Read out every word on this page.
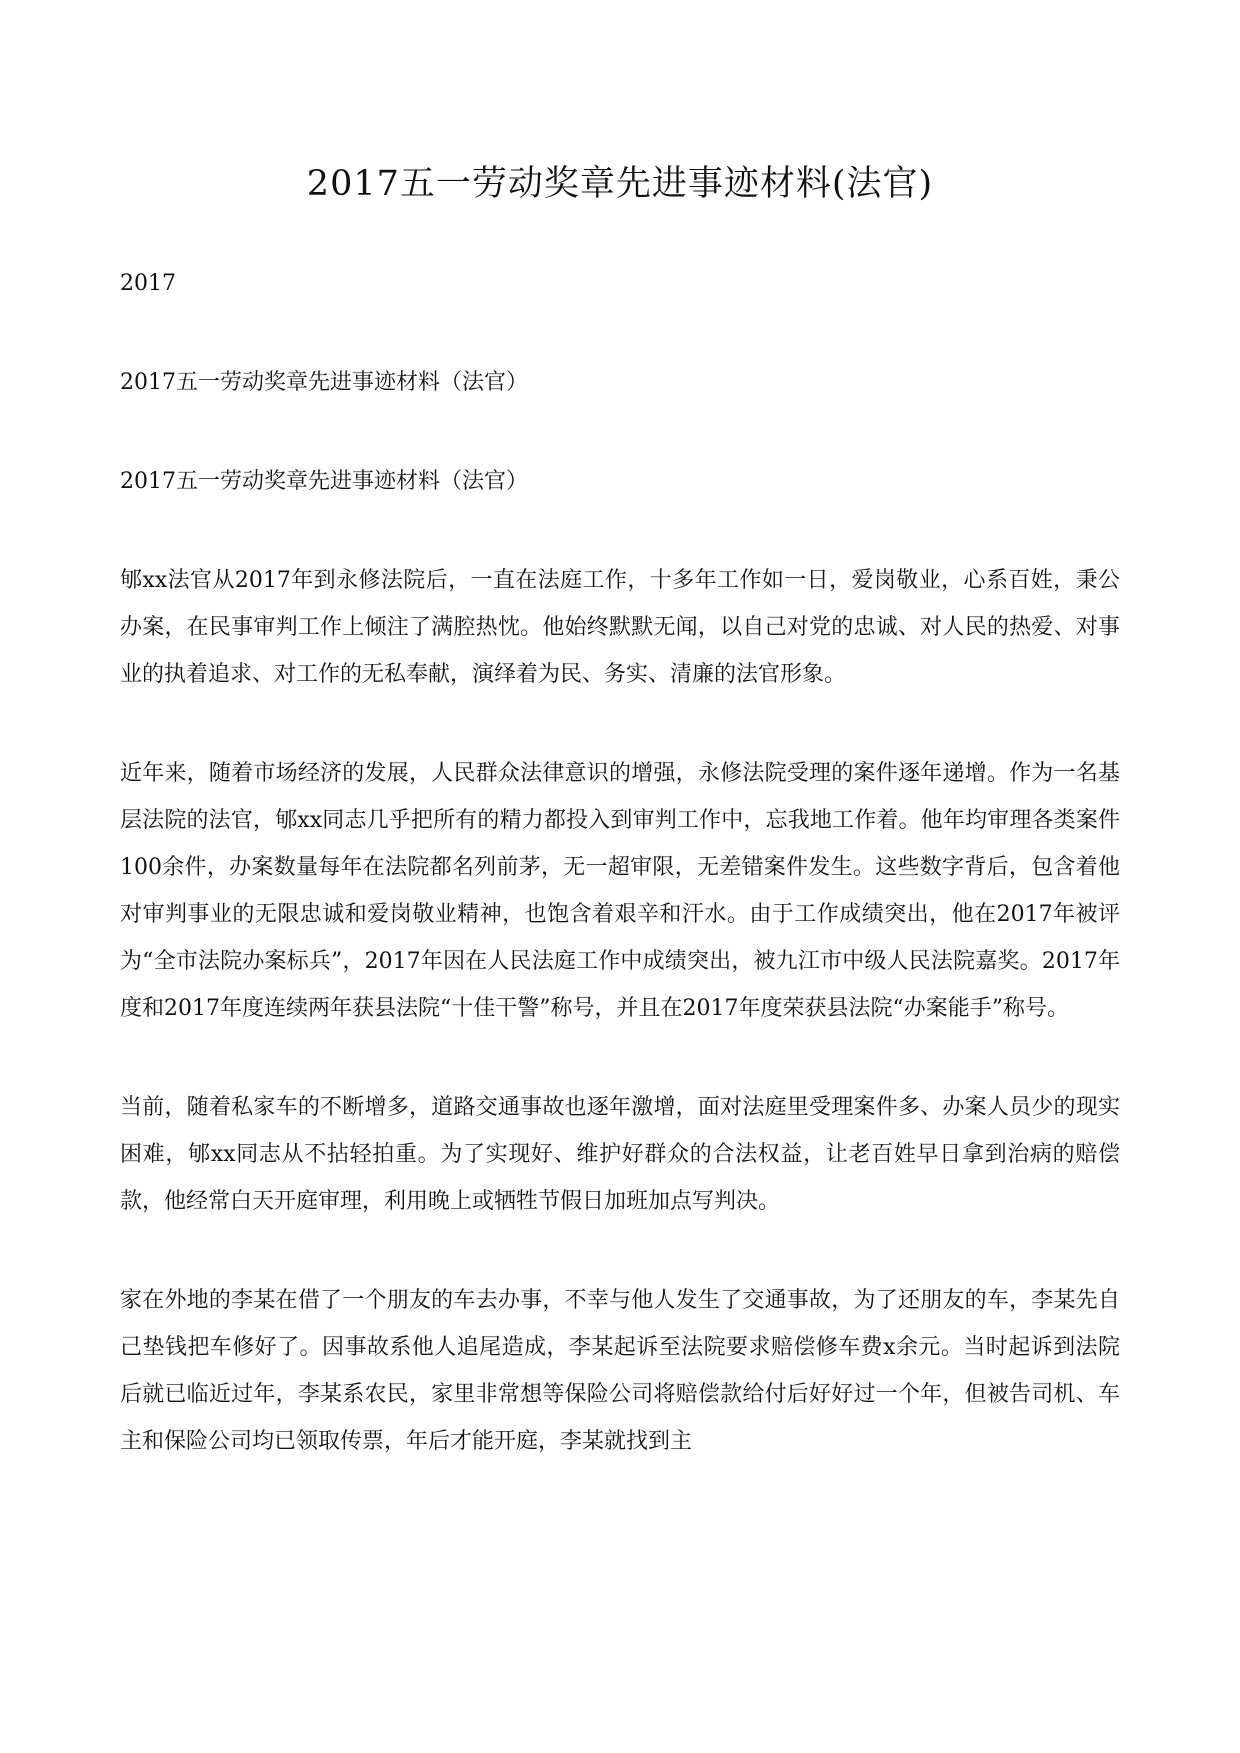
2017五一劳动奖章先进事迹材料(法官)

2017

2017五一劳动奖章先进事迹材料（法官）

2017五一劳动奖章先进事迹材料（法官）

郇xx法官从2017年到永修法院后，一直在法庭工作，十多年工作如一日，爱岗敬业，心系百姓，秉公办案，在民事审判工作上倾注了满腔热忱。他始终默默无闻，以自己对党的忠诚、对人民的热爱、对事业的执着追求、对工作的无私奉献，演绎着为民、务实、清廉的法官形象。

近年来，随着市场经济的发展，人民群众法律意识的增强，永修法院受理的案件逐年递增。作为一名基层法院的法官，郇xx同志几乎把所有的精力都投入到审判工作中，忘我地工作着。他年均审理各类案件100余件，办案数量每年在法院都名列前茅，无一超审限，无差错案件发生。这些数字背后，包含着他对审判事业的无限忠诚和爱岗敬业精神，也饱含着艰辛和汗水。由于工作成绩突出，他在2017年被评为“全市法院办案标兵”，2017年因在人民法庭工作中成绩突出，被九江市中级人民法院嘉奖。2017年度和2017年度连续两年获县法院“十佳干警”称号，并且在2017年度荣获县法院“办案能手”称号。

当前，随着私家车的不断增多，道路交通事故也逐年激增，面对法庭里受理案件多、办案人员少的现实困难，郇xx同志从不拈轻拍重。为了实现好、维护好群众的合法权益，让老百姓早日拿到治病的赔偿款，他经常白天开庭审理，利用晚上或牺牲节假日加班加点写判决。

家在外地的李某在借了一个朋友的车去办事，不幸与他人发生了交通事故，为了还朋友的车，李某先自己垫钱把车修好了。因事故系他人追尾造成，李某起诉至法院要求赔偿修车费x余元。当时起诉到法院后就已临近过年，李某系农民，家里非常想等保险公司将赔偿款给付后好好过一个年，但被告司机、车主和保险公司均已领取传票，年后才能开庭，李某就找到主
